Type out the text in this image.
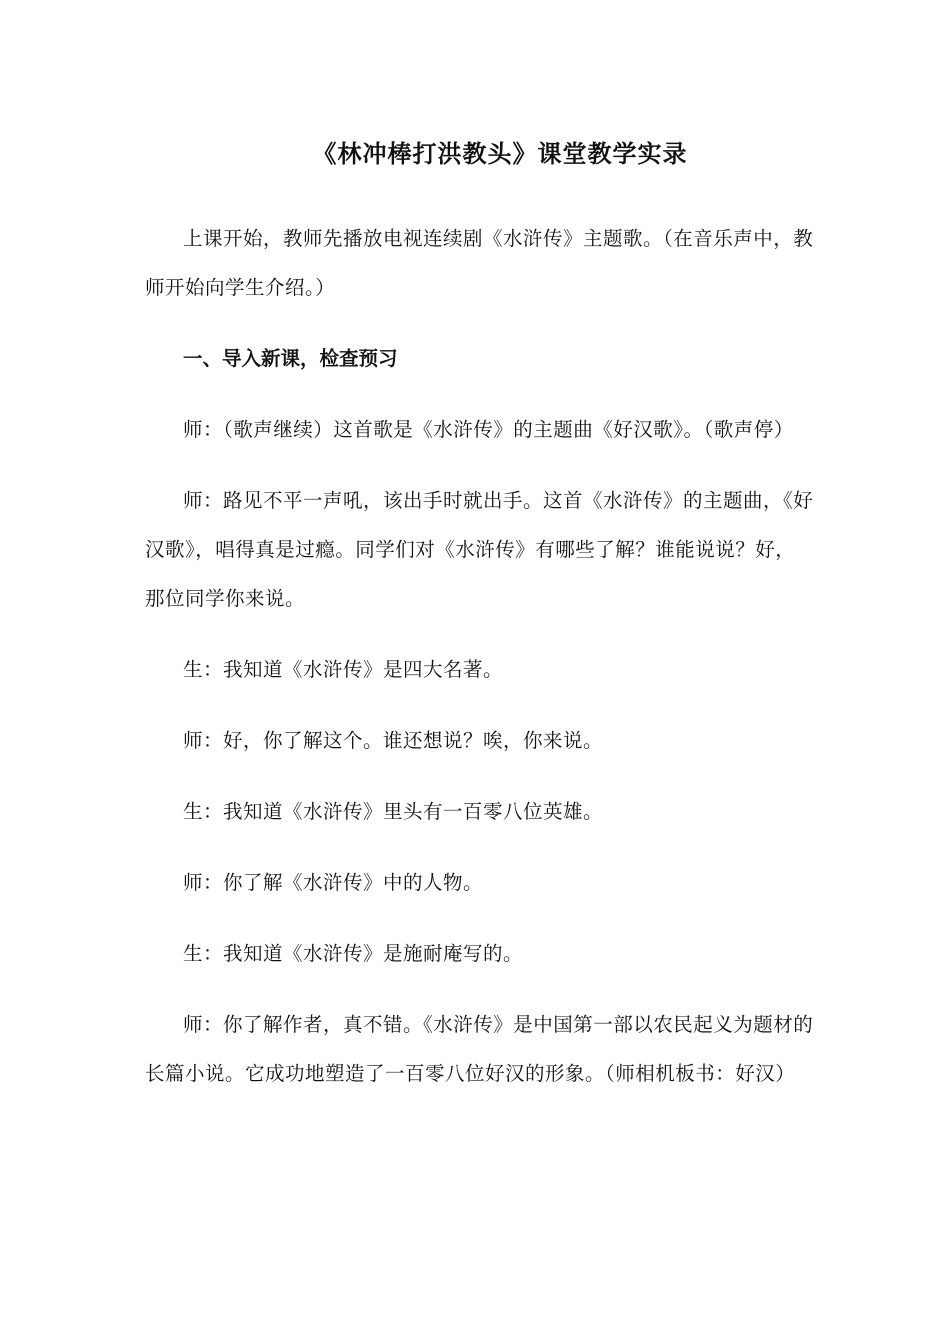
《林冲棒打洪教头》课堂教学实录

上课开始，教师先播放电视连续剧《水浒传》主题歌。（在音乐声中，教师开始向学生介绍。）

一、导入新课，检查预习

师：（歌声继续）这首歌是《水浒传》的主题曲《好汉歌》。（歌声停）

师：路见不平一声吼，该出手时就出手。这首《水浒传》的主题曲，《好汉歌》，唱得真是过瘾。同学们对《水浒传》有哪些了解？谁能说说？好，那位同学你来说。

生：我知道《水浒传》是四大名著。

师：好，你了解这个。谁还想说？唉，你来说。

生：我知道《水浒传》里头有一百零八位英雄。

师：你了解《水浒传》中的人物。

生：我知道《水浒传》是施耐庵写的。

师：你了解作者，真不错。《水浒传》是中国第一部以农民起义为题材的长篇小说。它成功地塑造了一百零八位好汉的形象。（师相机板书：好汉）
